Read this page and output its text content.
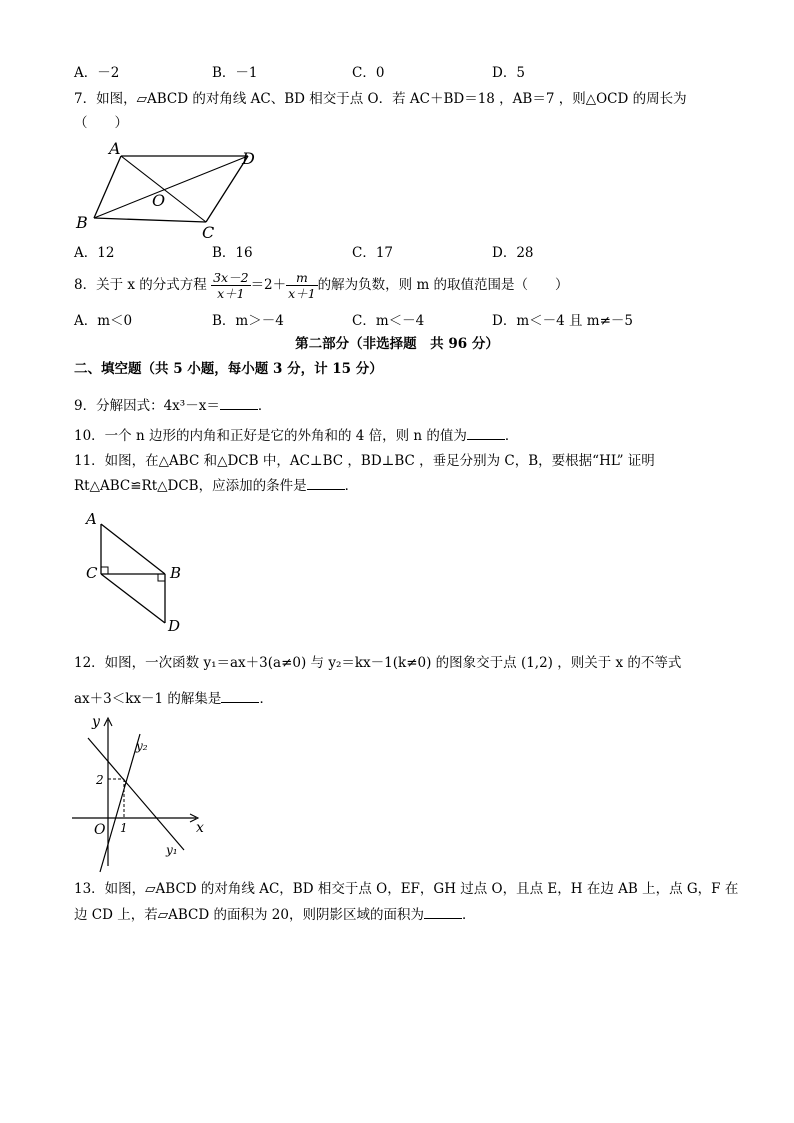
A．－2	B．－1	C．0	D．5
7．如图，▱ABCD 的对角线 AC、BD 相交于点 O．若 AC＋BD＝18 ，AB＝7 ，则△OCD 的周长为
（　　）
A
B
C
D
O
A．12	B．16	C．17	D．28
8．关于 x 的分式方程 $\frac{3x-2}{x+1} =2+ \frac{m}{x+1}$ 的解为负数，则 m 的取值范围是（　　）
A．m＜0	B．m＞－4	C．m＜－4	D．m＜－4 且 m≠－5
第二部分（非选择题　共 96 分）
二、填空题（共 5 小题，每小题 3 分，计 15 分）
9．分解因式：4x³－x＝	．
10．一个 n 边形的内角和正好是它的外角和的 4 倍，则 n 的值为	．
11．如图，在△ABC 和△DCB 中，AC⊥BC ，BD⊥BC ，垂足分别为 C，B，要根据“HL” 证明
Rt△ABC≌Rt△DCB，应添加的条件是	．
A
C	B
D
12．如图，一次函数 y₁＝ax＋3(a≠0) 与 y₂＝kx－1(k≠0) 的图象交于点 (1,2) ，则关于 x 的不等式
ax＋3＜kx－1 的解集是	．
y
x
O 1
2
y₂
y₁
13．如图，▱ABCD 的对角线 AC，BD 相交于点 O，EF，GH 过点 O，且点 E，H 在边 AB 上，点 G，F 在
边 CD 上，若▱ABCD 的面积为 20，则阴影区域的面积为	．
